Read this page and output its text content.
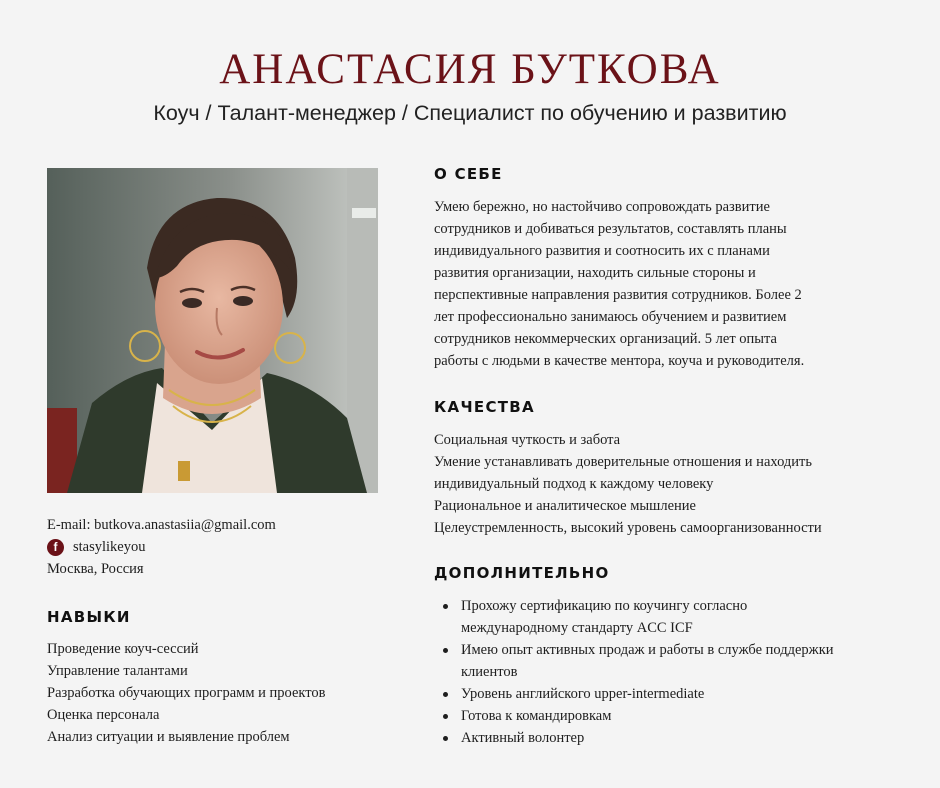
АНАСТАСИЯ БУТКОВА
Коуч / Талант-менеджер / Специалист по обучению и развитию
E-mail: butkova.anastasiia@gmail.com
f	stasylikeyou
Москва, Россия
НАВЫКИ
Проведение коуч-сессий
Управление талантами
Разработка обучающих программ и проектов
Оценка персонала
Анализ ситуации и выявление проблем
О СЕБЕ
Умею бережно, но настойчиво сопровождать развитие
сотрудников и добиваться результатов, составлять планы
индивидуального развития и соотносить их с планами
развития организации, находить сильные стороны и
перспективные направления развития сотрудников. Более 2
лет профессионально занимаюсь обучением и развитием
сотрудников некоммерческих организаций. 5 лет опыта
работы с людьми в качестве ментора, коуча и руководителя.
КАЧЕСТВА
Социальная чуткость и забота
Умение устанавливать доверительные отношения и находить
индивидуальный подход к каждому человеку
Рациональное и аналитическое мышление
Целеустремленность, высокий уровень самоорганизованности
ДОПОЛНИТЕЛЬНО
Прохожу сертификацию по коучингу согласно
международному стандарту ACC ICF
Имею опыт активных продаж и работы в службе поддержки
клиентов
Уровень английского upper-intermediate
Готова к командировкам
Активный волонтер
